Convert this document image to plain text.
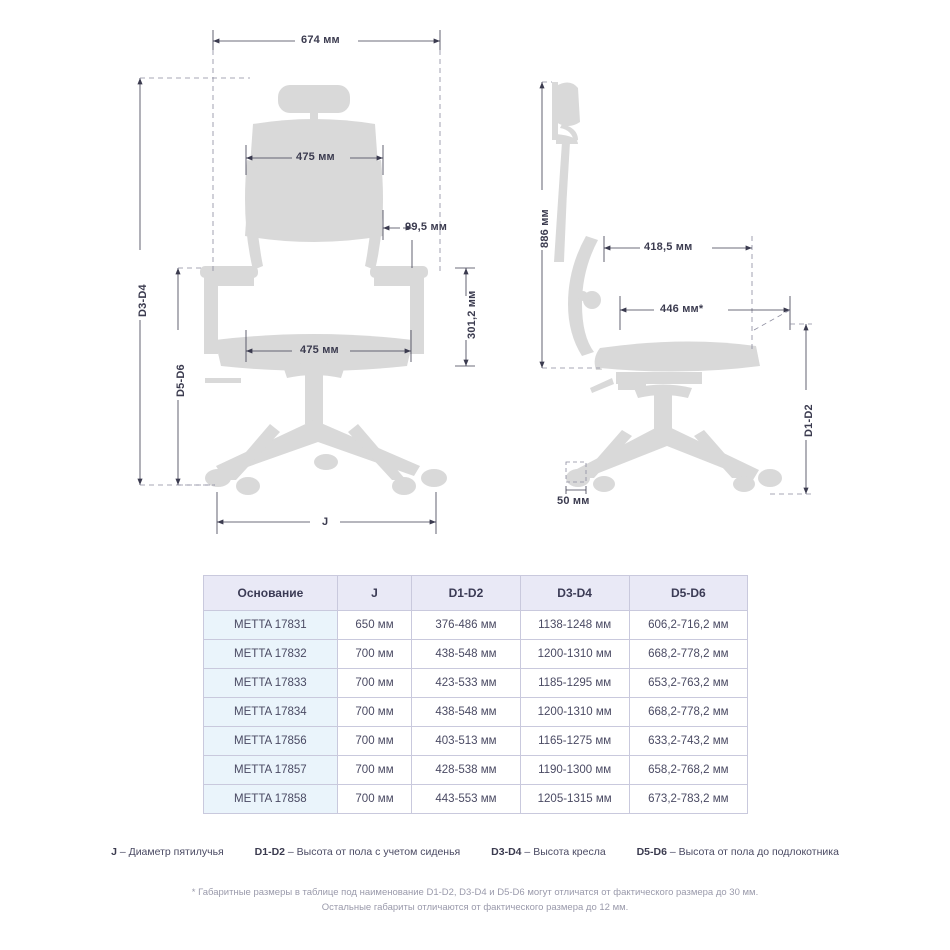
674 мм
475 мм
99,5 мм
301,2 мм
475 мм
D3-D4
D5-D6
J
886 мм	418,5 мм
446 мм*
D1-D2
50 мм
Основание	J	D1-D2	D3-D4	D5-D6
METTA 17831	650 мм	376-486 мм	1138-1248 мм	606,2-716,2 мм
METTA 17832	700 мм	438-548 мм	1200-1310 мм	668,2-778,2 мм
METTA 17833	700 мм	423-533 мм	1185-1295 мм	653,2-763,2 мм
METTA 17834	700 мм	438-548 мм	1200-1310 мм	668,2-778,2 мм
METTA 17856	700 мм	403-513 мм	1165-1275 мм	633,2-743,2 мм
METTA 17857	700 мм	428-538 мм	1190-1300 мм	658,2-768,2 мм
METTA 17858	700 мм	443-553 мм	1205-1315 мм	673,2-783,2 мм
J – Диаметр пятилучья	D1-D2 – Высота от пола с учетом сиденья	D3-D4 – Высота кресла	D5-D6 – Высота от пола до подлокотника
* Габаритные размеры в таблице под наименование D1-D2, D3-D4 и D5-D6 могут отличатся от фактического размера до 30 мм.
Остальные габариты отличаются от фактического размера до 12 мм.
